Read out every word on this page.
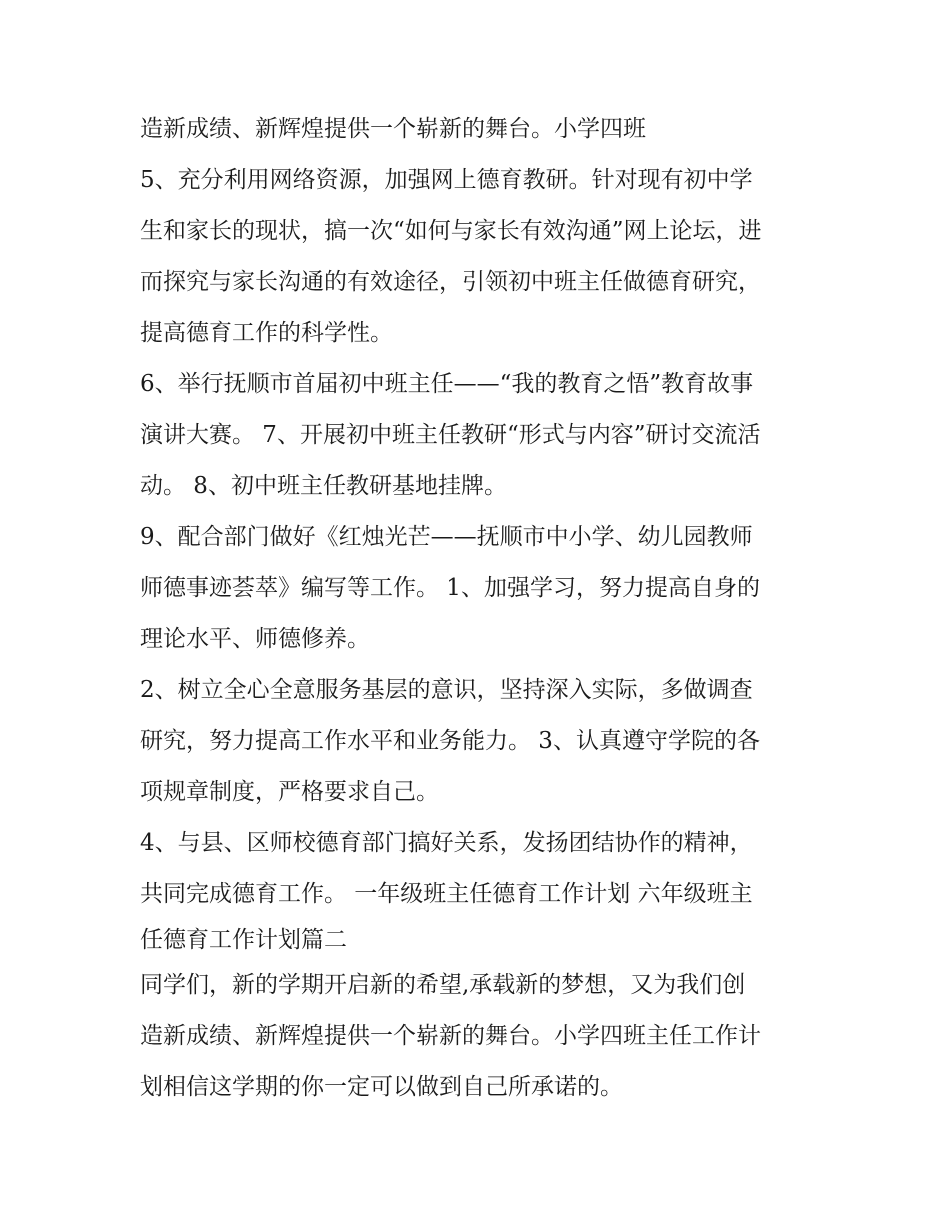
造新成绩、新辉煌提供一个崭新的舞台。小学四班
5、充分利用网络资源，加强网上德育教研。针对现有初中学
生和家长的现状，搞一次“如何与家长有效沟通”网上论坛，进
而探究与家长沟通的有效途径，引领初中班主任做德育研究，
提高德育工作的科学性。
6、举行抚顺市首届初中班主任——“我的教育之悟”教育故事
演讲大赛。 7、开展初中班主任教研“形式与内容”研讨交流活
动。 8、初中班主任教研基地挂牌。
9、配合部门做好《红烛光芒——抚顺市中小学、幼儿园教师
师德事迹荟萃》编写等工作。 1、加强学习，努力提高自身的
理论水平、师德修养。
2、树立全心全意服务基层的意识，坚持深入实际，多做调查
研究，努力提高工作水平和业务能力。 3、认真遵守学院的各
项规章制度，严格要求自己。
4、与县、区师校德育部门搞好关系，发扬团结协作的精神，
共同完成德育工作。 一年级班主任德育工作计划 六年级班主
任德育工作计划篇二
同学们，新的学期开启新的希望,承载新的梦想，又为我们创
造新成绩、新辉煌提供一个崭新的舞台。小学四班主任工作计
划相信这学期的你一定可以做到自己所承诺的。
